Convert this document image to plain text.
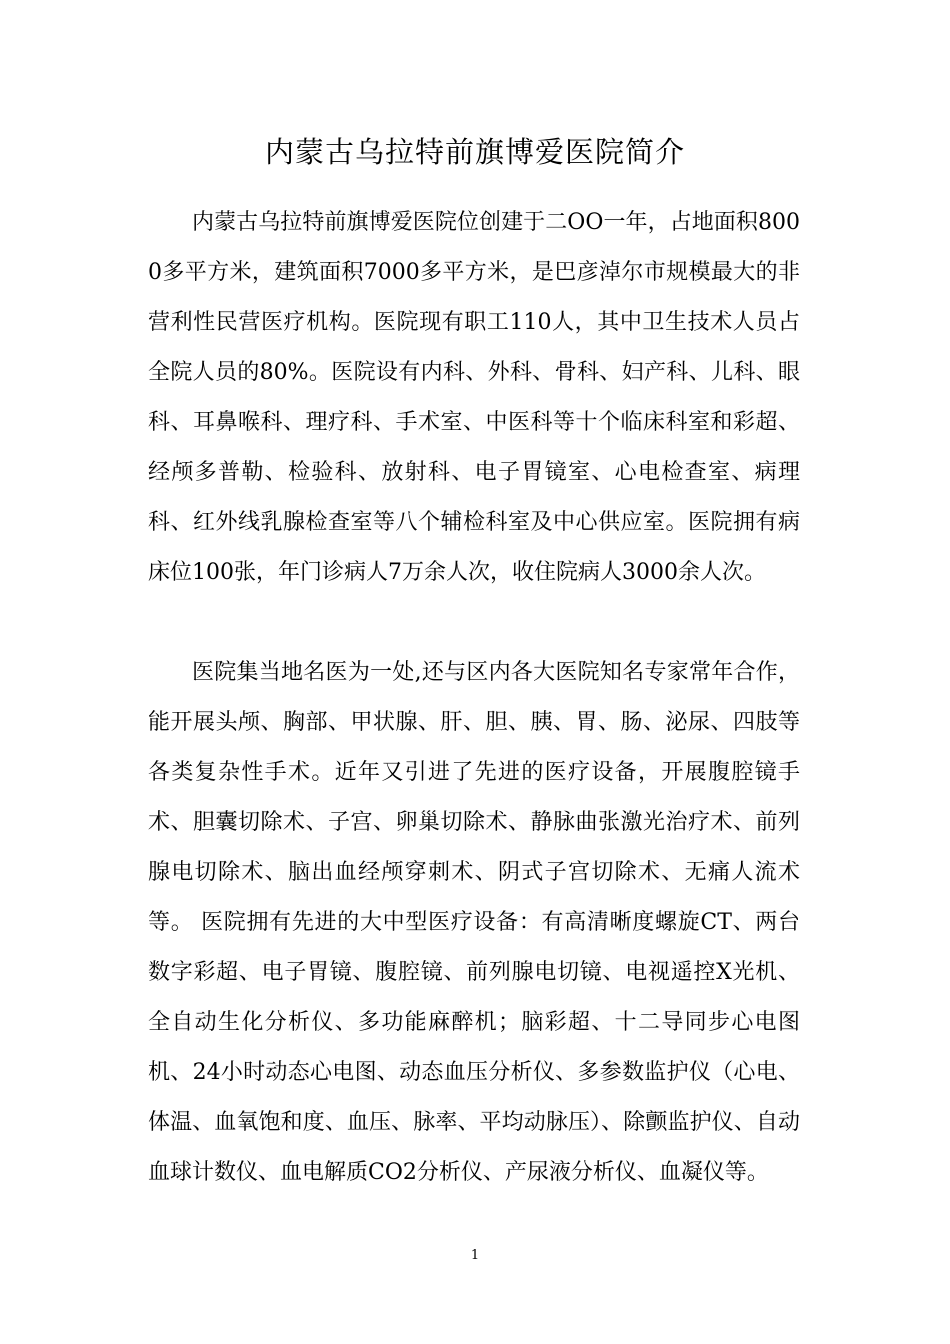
内蒙古乌拉特前旗博爱医院简介

内蒙古乌拉特前旗博爱医院位创建于二OO一年，占地面积8000多平方米，建筑面积7000多平方米，是巴彦淖尔市规模最大的非营利性民营医疗机构。医院现有职工110人，其中卫生技术人员占全院人员的80%。医院设有内科、外科、骨科、妇产科、儿科、眼科、耳鼻喉科、理疗科、手术室、中医科等十个临床科室和彩超、经颅多普勒、检验科、放射科、电子胃镜室、心电检查室、病理科、红外线乳腺检查室等八个辅检科室及中心供应室。医院拥有病床位100张，年门诊病人7万余人次，收住院病人3000余人次。

医院集当地名医为一处,还与区内各大医院知名专家常年合作，能开展头颅、胸部、甲状腺、肝、胆、胰、胃、肠、泌尿、四肢等各类复杂性手术。近年又引进了先进的医疗设备，开展腹腔镜手术、胆囊切除术、子宫、卵巢切除术、静脉曲张激光治疗术、前列腺电切除术、脑出血经颅穿刺术、阴式子宫切除术、无痛人流术等。 医院拥有先进的大中型医疗设备：有高清晰度螺旋CT、两台数字彩超、电子胃镜、腹腔镜、前列腺电切镜、电视遥控X光机、全自动生化分析仪、多功能麻醉机；脑彩超、十二导同步心电图机、24小时动态心电图、动态血压分析仪、多参数监护仪（心电、体温、血氧饱和度、血压、脉率、平均动脉压）、除颤监护仪、自动血球计数仪、血电解质CO2分析仪、产尿液分析仪、血凝仪等。

1
